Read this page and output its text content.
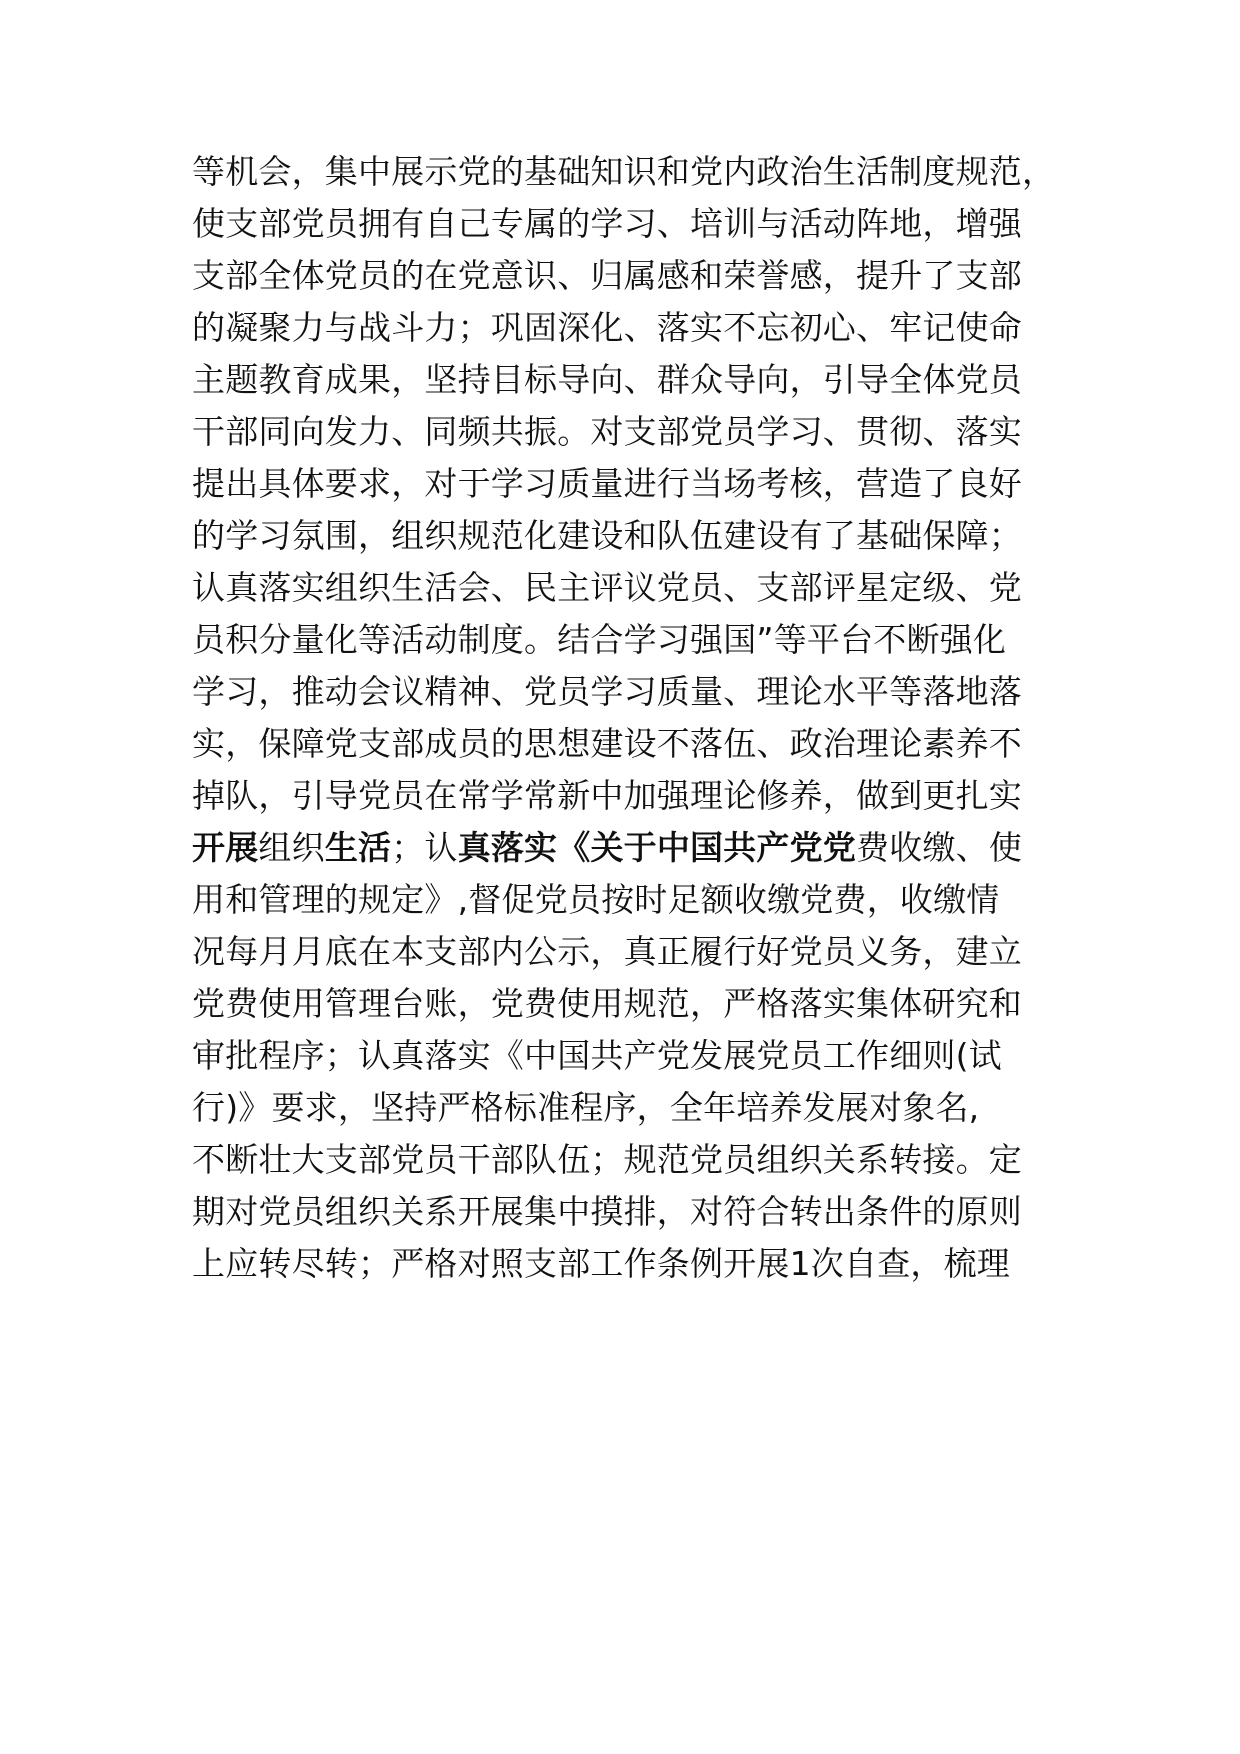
等机会，集中展示党的基础知识和党内政治生活制度规范，
使支部党员拥有自己专属的学习、培训与活动阵地，增强
支部全体党员的在党意识、归属感和荣誉感，提升了支部
的凝聚力与战斗力；巩固深化、落实不忘初心、牢记使命
主题教育成果，坚持目标导向、群众导向，引导全体党员
干部同向发力、同频共振。对支部党员学习、贯彻、落实
提出具体要求，对于学习质量进行当场考核，营造了良好
的学习氛围，组织规范化建设和队伍建设有了基础保障；
认真落实组织生活会、民主评议党员、支部评星定级、党
员积分量化等活动制度。结合学习强国”等平台不断强化
学习，推动会议精神、党员学习质量、理论水平等落地落
实，保障党支部成员的思想建设不落伍、政治理论素养不
掉队，引导党员在常学常新中加强理论修养，做到更扎实
开展组织生活；认真落实《关于中国共产党党费收缴、使
用和管理的规定》,督促党员按时足额收缴党费，收缴情
况每月月底在本支部内公示，真正履行好党员义务，建立
党费使用管理台账，党费使用规范，严格落实集体研究和
审批程序；认真落实《中国共产党发展党员工作细则(试
行)》要求，坚持严格标准程序，全年培养发展对象名,
不断壮大支部党员干部队伍；规范党员组织关系转接。定
期对党员组织关系开展集中摸排，对符合转出条件的原则
上应转尽转；严格对照支部工作条例开展1次自查，梳理
